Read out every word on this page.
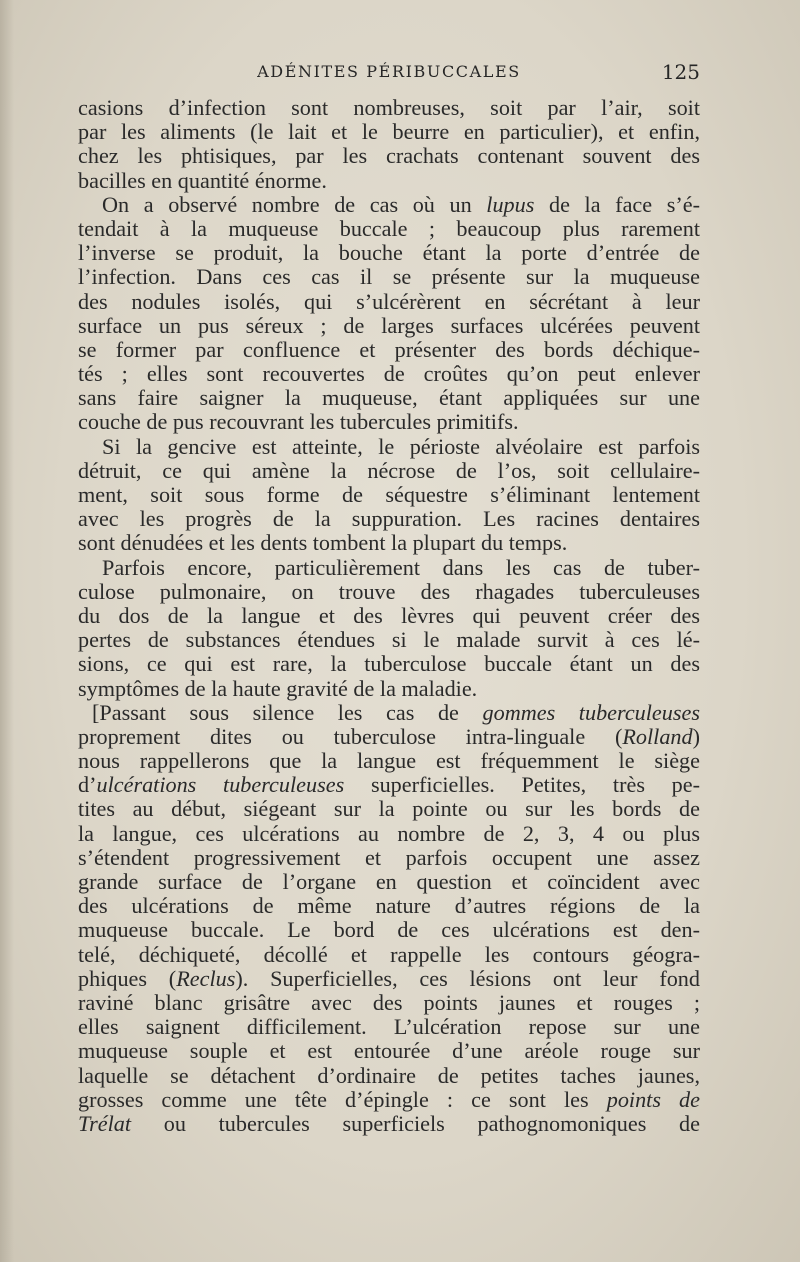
ADÉNITES PÉRIBUCCALES	125
casions d’infection sont nombreuses, soit par l’air, soit
par les aliments (le lait et le beurre en particulier), et enfin,
chez les phtisiques, par les crachats contenant souvent des
bacilles en quantité énorme.
On a observé nombre de cas où un lupus de la face s’é-
tendait à la muqueuse buccale ; beaucoup plus rarement
l’inverse se produit, la bouche étant la porte d’entrée de
l’infection. Dans ces cas il se présente sur la muqueuse
des nodules isolés, qui s’ulcérèrent en sécrétant à leur
surface un pus séreux ; de larges surfaces ulcérées peuvent
se former par confluence et présenter des bords déchique-
tés ; elles sont recouvertes de croûtes qu’on peut enlever
sans faire saigner la muqueuse, étant appliquées sur une
couche de pus recouvrant les tubercules primitifs.
Si la gencive est atteinte, le périoste alvéolaire est parfois
détruit, ce qui amène la nécrose de l’os, soit cellulaire-
ment, soit sous forme de séquestre s’éliminant lentement
avec les progrès de la suppuration. Les racines dentaires
sont dénudées et les dents tombent la plupart du temps.
Parfois encore, particulièrement dans les cas de tuber-
culose pulmonaire, on trouve des rhagades tuberculeuses
du dos de la langue et des lèvres qui peuvent créer des
pertes de substances étendues si le malade survit à ces lé-
sions, ce qui est rare, la tuberculose buccale étant un des
symptômes de la haute gravité de la maladie.
[Passant sous silence les cas de gommes tuberculeuses
proprement dites ou tuberculose intra-linguale (Rolland)
nous rappellerons que la langue est fréquemment le siège
d’ulcérations tuberculeuses superficielles. Petites, très pe-
tites au début, siégeant sur la pointe ou sur les bords de
la langue, ces ulcérations au nombre de 2, 3, 4 ou plus
s’étendent progressivement et parfois occupent une assez
grande surface de l’organe en question et coïncident avec
des ulcérations de même nature d’autres régions de la
muqueuse buccale. Le bord de ces ulcérations est den-
telé, déchiqueté, décollé et rappelle les contours géogra-
phiques (Reclus). Superficielles, ces lésions ont leur fond
raviné blanc grisâtre avec des points jaunes et rouges ;
elles saignent difficilement. L’ulcération repose sur une
muqueuse souple et est entourée d’une aréole rouge sur
laquelle se détachent d’ordinaire de petites taches jaunes,
grosses comme une tête d’épingle : ce sont les points de
Trélat ou tubercules superficiels pathognomoniques de
